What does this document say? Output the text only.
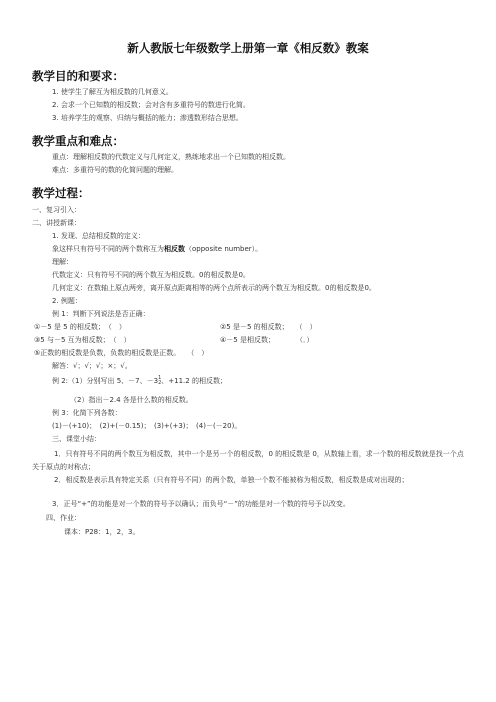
新人教版七年级数学上册第一章《相反数》教案
教学目的和要求：
1. 使学生了解互为相反数的几何意义。
2. 会求一个已知数的相反数；会对含有多重符号的数进行化简。
3. 培养学生的观察、归纳与概括的能力；渗透数形结合思想。
教学重点和难点：
重点：理解相反数的代数定义与几何定义，熟练地求出一个已知数的相反数。
难点：多重符号的数的化简问题的理解。
教学过程：
一、复习引入：
二、讲授新课：
1. 发现、总结相反数的定义：
象这样只有符号不同的两个数称互为相反数（opposite number）。
理解：
代数定义：只有符号不同的两个数互为相反数。0的相反数是0。
几何定义：在数轴上原点两旁，离开原点距离相等的两个点所表示的两个数互为相反数。0的相反数是0。
2. 例题：
例 1：判断下列说法是否正确：
①－5 是 5 的相反数；　（　）	②5 是－5 的相反数；　　（　）
③5 与－5 互为相反数；　（　）	④－5 是相反数；　　　　（．）
⑤正数的相反数是负数，负数的相反数是正数。　　（　）
解答：√；√；√；×；√。
例 2:（1）分别写出 5、－7、－3 1
2 、+11.2 的相反数；
（2）指出－2.4 各是什么数的相反数。
例 3：化简下列各数：
(1)－(+10)；　(2)+(－0.15)；　(3)+(+3)；　(4)－(－20)。
三、课堂小结：
1．只有符号不同的两个数互为相反数，其中一个是另一个的相反数，0 的相反数是 0，从数轴上看，求一个数的相反数就是找一个点关于原点的对称点；
2．相反数是表示具有特定关系（只有符号不同）的两个数，单独一个数不能被称为相反数，相反数是成对出现的；
3．正号“+”的功能是对一个数的符号予以确认；而负号“－”的功能是对一个数的符号予以改变。
四、作业：
课本：P28：1，2，3。
